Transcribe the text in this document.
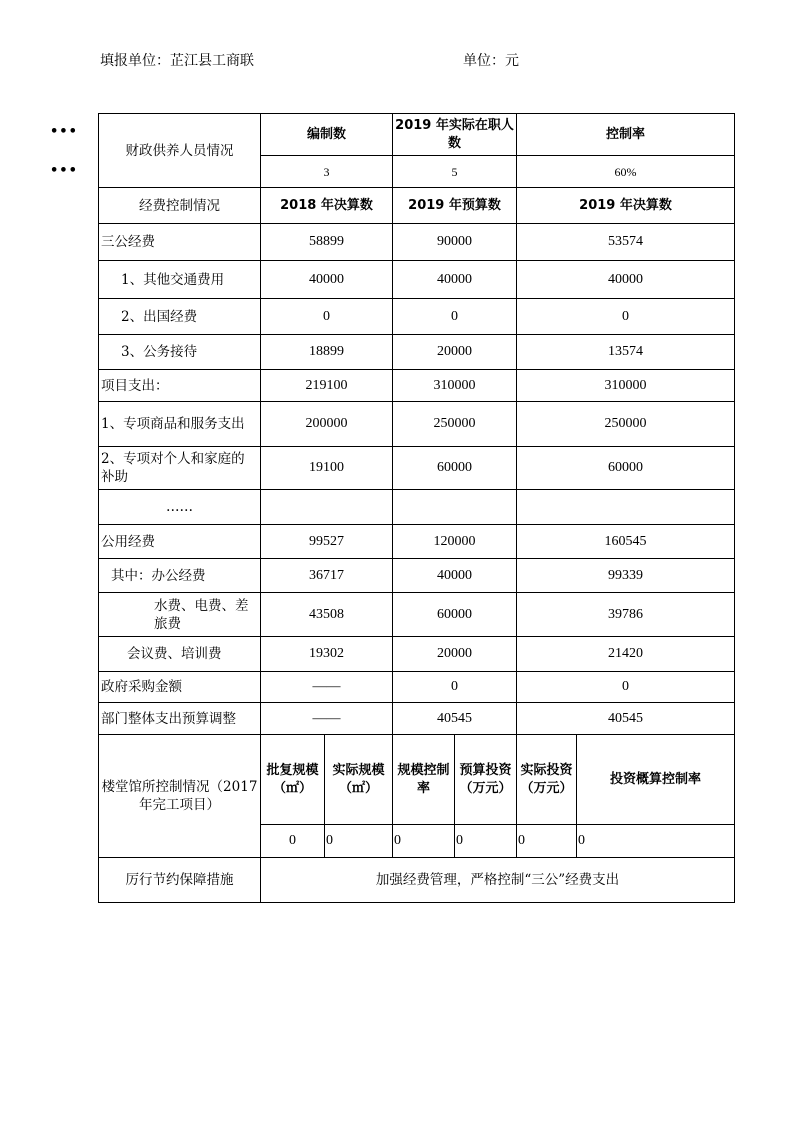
填报单位：芷江县工商联	单位：元
•••
•••
财政供养人员情况	编制数		2019 年实际在职人数		控制率	
	3		5		60%	
经费控制情况	2018 年决算数		2019 年预算数		2019 年决算数	
三公经费	58899		90000		53574	
1、其他交通费用	40000		40000		40000	
2、出国经费	0		0		0	
3、公务接待	18899		20000		13574	
项目支出：	219100		310000		310000	
1、专项商品和服务支出	200000		250000		250000	
2、专项对个人和家庭的补助	19100		60000		60000	
……						
公用经费	99527		120000		160545	
其中：办公经费	36717		40000		99339	
水费、电费、差旅费	43508		60000		39786	
会议费、培训费	19302		20000		21420	
政府采购金额	——		0		0	
部门整体支出预算调整	——		40545		40545	
楼堂馆所控制情况（2017 年完工项目）	批复规模（㎡）	实际规模（㎡）	规模控制率	预算投资（万元）	实际投资（万元）	投资概算控制率
	0	0	0	0	0	0
厉行节约保障措施	加强经费管理，严格控制“三公”经费支出					
